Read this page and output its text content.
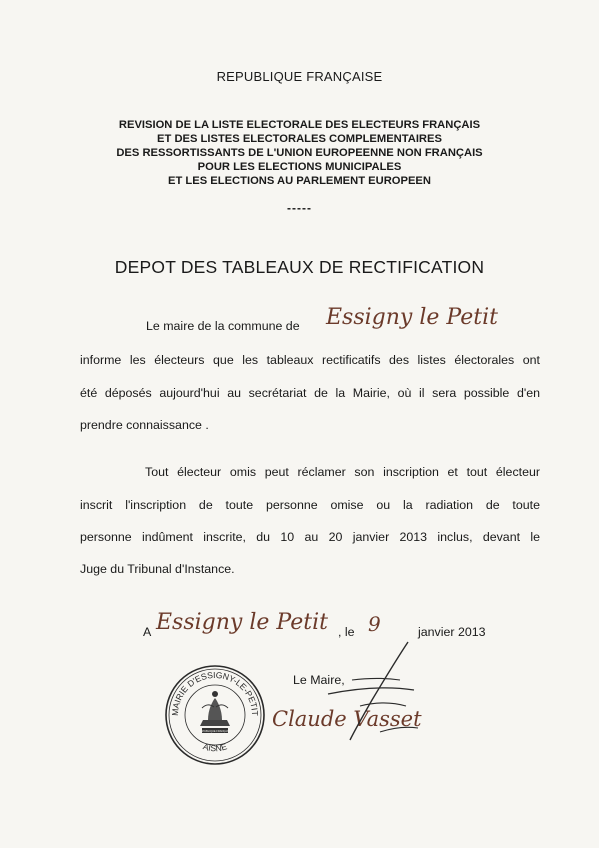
REPUBLIQUE FRANÇAISE
REVISION DE LA LISTE ELECTORALE DES ELECTEURS FRANÇAIS
ET DES LISTES ELECTORALES COMPLEMENTAIRES
DES RESSORTISSANTS DE L'UNION EUROPEENNE NON FRANÇAIS
POUR LES ELECTIONS MUNICIPALES
ET LES ELECTIONS AU PARLEMENT EUROPEEN
-----
DEPOT DES TABLEAUX DE RECTIFICATION
Le maire de la commune de Essigny le Petit
informe les électeurs que les tableaux rectificatifs des listes électorales ont
été déposés aujourd'hui au secrétariat de la Mairie, où il sera possible d'en
prendre connaissance .
Tout électeur omis peut réclamer son inscription et tout électeur
inscrit l'inscription de toute personne omise ou la radiation de toute
personne indûment inscrite, du 10 au 20 janvier 2013 inclus, devant le
Juge du Tribunal d'Instance.
A Essigny le Petit , le 9	janvier 2013
Le Maire,
Claude Vasset
MAIRIE D'ESSIGNY-LE-PETIT
AISNE
REPUBLIQUE FRANÇAISE
